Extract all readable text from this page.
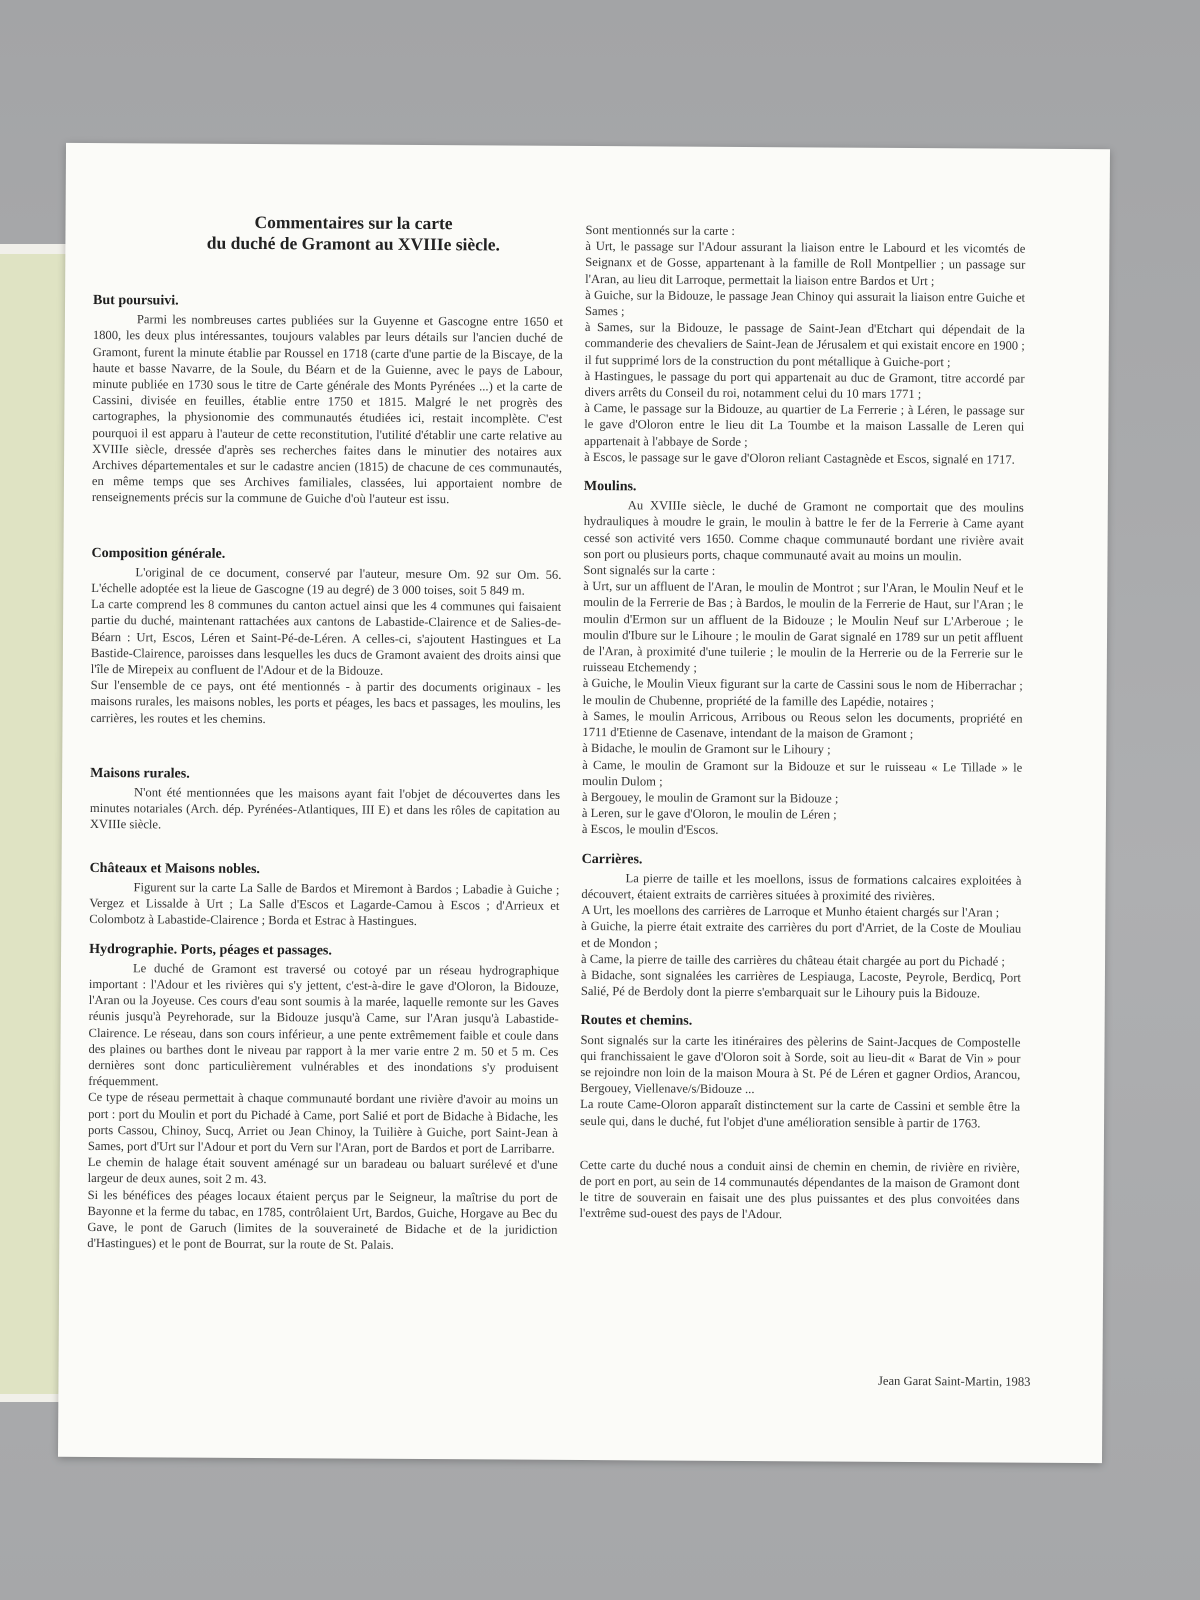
Commentaires sur la carte
du duché de Gramont au XVIIIe siècle.
But poursuivi.

Parmi les nombreuses cartes publiées sur la Guyenne et Gascogne entre 1650 et 1800, les deux plus intéressantes, toujours valables par leurs détails sur l'ancien duché de Gramont, furent la minute établie par Roussel en 1718 (carte d'une partie de la Biscaye, de la haute et basse Navarre, de la Soule, du Béarn et de la Guienne, avec le pays de Labour, minute publiée en 1730 sous le titre de Carte générale des Monts Pyrénées ...) et la carte de Cassini, divisée en feuilles, établie entre 1750 et 1815. Malgré le net progrès des cartographes, la physionomie des communautés étudiées ici, restait incomplète. C'est pourquoi il est apparu à l'auteur de cette reconstitution, l'utilité d'établir une carte relative au XVIIIe siècle, dressée d'après ses recherches faites dans le minutier des notaires aux Archives départementales et sur le cadastre ancien (1815) de chacune de ces communautés, en même temps que ses Archives familiales, classées, lui apportaient nombre de renseignements précis sur la commune de Guiche d'où l'auteur est issu.

Composition générale.

L'original de ce document, conservé par l'auteur, mesure Om. 92 sur Om. 56. L'échelle adoptée est la lieue de Gascogne (19 au degré) de 3 000 toises, soit 5 849 m.

La carte comprend les 8 communes du canton actuel ainsi que les 4 communes qui faisaient partie du duché, maintenant rattachées aux cantons de Labastide-Clairence et de Salies-de-Béarn : Urt, Escos, Léren et Saint-Pé-de-Léren. A celles-ci, s'ajoutent Hastingues et La Bastide-Clairence, paroisses dans lesquelles les ducs de Gramont avaient des droits ainsi que l'île de Mirepeix au confluent de l'Adour et de la Bidouze.

Sur l'ensemble de ce pays, ont été mentionnés - à partir des documents originaux - les maisons rurales, les maisons nobles, les ports et péages, les bacs et passages, les moulins, les carrières, les routes et les chemins.

Maisons rurales.

N'ont été mentionnées que les maisons ayant fait l'objet de découvertes dans les minutes notariales (Arch. dép. Pyrénées-Atlantiques, III E) et dans les rôles de capitation au XVIIIe siècle.

Châteaux et Maisons nobles.

Figurent sur la carte La Salle de Bardos et Miremont à Bardos ; Labadie à Guiche ; Vergez et Lissalde à Urt ; La Salle d'Escos et Lagarde-Camou à Escos ; d'Arrieux et Colombotz à Labastide-Clairence ; Borda et Estrac à Hastingues.

Hydrographie. Ports, péages et passages.

Le duché de Gramont est traversé ou cotoyé par un réseau hydrographique important : l'Adour et les rivières qui s'y jettent, c'est-à-dire le gave d'Oloron, la Bidouze, l'Aran ou la Joyeuse. Ces cours d'eau sont soumis à la marée, laquelle remonte sur les Gaves réunis jusqu'à Peyrehorade, sur la Bidouze jusqu'à Came, sur l'Aran jusqu'à Labastide-Clairence. Le réseau, dans son cours inférieur, a une pente extrêmement faible et coule dans des plaines ou barthes dont le niveau par rapport à la mer varie entre 2 m. 50 et 5 m. Ces dernières sont donc particulièrement vulnérables et des inondations s'y produisent fréquemment.

Ce type de réseau permettait à chaque communauté bordant une rivière d'avoir au moins un port : port du Moulin et port du Pichadé à Came, port Salié et port de Bidache à Bidache, les ports Cassou, Chinoy, Sucq, Arriet ou Jean Chinoy, la Tuilière à Guiche, port Saint-Jean à Sames, port d'Urt sur l'Adour et port du Vern sur l'Aran, port de Bardos et port de Larribarre.

Le chemin de halage était souvent aménagé sur un baradeau ou baluart surélevé et d'une largeur de deux aunes, soit 2 m. 43.

Si les bénéfices des péages locaux étaient perçus par le Seigneur, la maîtrise du port de Bayonne et la ferme du tabac, en 1785, contrôlaient Urt, Bardos, Guiche, Horgave au Bec du Gave, le pont de Garuch (limites de la souveraineté de Bidache et de la juridiction d'Hastingues) et le pont de Bourrat, sur la route de St. Palais.

Sont mentionnés sur la carte :

à Urt, le passage sur l'Adour assurant la liaison entre le Labourd et les vicomtés de Seignanx et de Gosse, appartenant à la famille de Roll Montpellier ; un passage sur l'Aran, au lieu dit Larroque, permettait la liaison entre Bardos et Urt ;

à Guiche, sur la Bidouze, le passage Jean Chinoy qui assurait la liaison entre Guiche et Sames ;

à Sames, sur la Bidouze, le passage de Saint-Jean d'Etchart qui dépendait de la commanderie des chevaliers de Saint-Jean de Jérusalem et qui existait encore en 1900 ; il fut supprimé lors de la construction du pont métallique à Guiche-port ;

à Hastingues, le passage du port qui appartenait au duc de Gramont, titre accordé par divers arrêts du Conseil du roi, notamment celui du 10 mars 1771 ;

à Came, le passage sur la Bidouze, au quartier de La Ferrerie ; à Léren, le passage sur le gave d'Oloron entre le lieu dit La Toumbe et la maison Lassalle de Leren qui appartenait à l'abbaye de Sorde ;

à Escos, le passage sur le gave d'Oloron reliant Castagnède et Escos, signalé en 1717.

Moulins.

Au XVIIIe siècle, le duché de Gramont ne comportait que des moulins hydrauliques à moudre le grain, le moulin à battre le fer de la Ferrerie à Came ayant cessé son activité vers 1650. Comme chaque communauté bordant une rivière avait son port ou plusieurs ports, chaque communauté avait au moins un moulin.

Sont signalés sur la carte :

à Urt, sur un affluent de l'Aran, le moulin de Montrot ; sur l'Aran, le Moulin Neuf et le moulin de la Ferrerie de Bas ; à Bardos, le moulin de la Ferrerie de Haut, sur l'Aran ; le moulin d'Ermon sur un affluent de la Bidouze ; le Moulin Neuf sur L'Arberoue ; le moulin d'Ibure sur le Lihoure ; le moulin de Garat signalé en 1789 sur un petit affluent de l'Aran, à proximité d'une tuilerie ; le moulin de la Herrerie ou de la Ferrerie sur le ruisseau Etchemendy ;

à Guiche, le Moulin Vieux figurant sur la carte de Cassini sous le nom de Hiberrachar ; le moulin de Chubenne, propriété de la famille des Lapédie, notaires ;

à Sames, le moulin Arricous, Arribous ou Reous selon les documents, propriété en 1711 d'Etienne de Casenave, intendant de la maison de Gramont ;

à Bidache, le moulin de Gramont sur le Lihoury ;

à Came, le moulin de Gramont sur la Bidouze et sur le ruisseau « Le Tillade » le moulin Dulom ;

à Bergouey, le moulin de Gramont sur la Bidouze ;

à Leren, sur le gave d'Oloron, le moulin de Léren ;

à Escos, le moulin d'Escos.

Carrières.

La pierre de taille et les moellons, issus de formations calcaires exploitées à découvert, étaient extraits de carrières situées à proximité des rivières.

A Urt, les moellons des carrières de Larroque et Munho étaient chargés sur l'Aran ;

à Guiche, la pierre était extraite des carrières du port d'Arriet, de la Coste de Mouliau et de Mondon ;

à Came, la pierre de taille des carrières du château était chargée au port du Pichadé ;

à Bidache, sont signalées les carrières de Lespiauga, Lacoste, Peyrole, Berdicq, Port Salié, Pé de Berdoly dont la pierre s'embarquait sur le Lihoury puis la Bidouze.

Routes et chemins.

Sont signalés sur la carte les itinéraires des pèlerins de Saint-Jacques de Compostelle qui franchissaient le gave d'Oloron soit à Sorde, soit au lieu-dit « Barat de Vin » pour se rejoindre non loin de la maison Moura à St. Pé de Léren et gagner Ordios, Arancou, Bergouey, Viellenave/s/Bidouze ...

La route Came-Oloron apparaît distinctement sur la carte de Cassini et semble être la seule qui, dans le duché, fut l'objet d'une amélioration sensible à partir de 1763.

Cette carte du duché nous a conduit ainsi de chemin en chemin, de rivière en rivière, de port en port, au sein de 14 communautés dépendantes de la maison de Gramont dont le titre de souverain en faisait une des plus puissantes et des plus convoitées dans l'extrême sud-ouest des pays de l'Adour.

Jean Garat Saint-Martin, 1983
